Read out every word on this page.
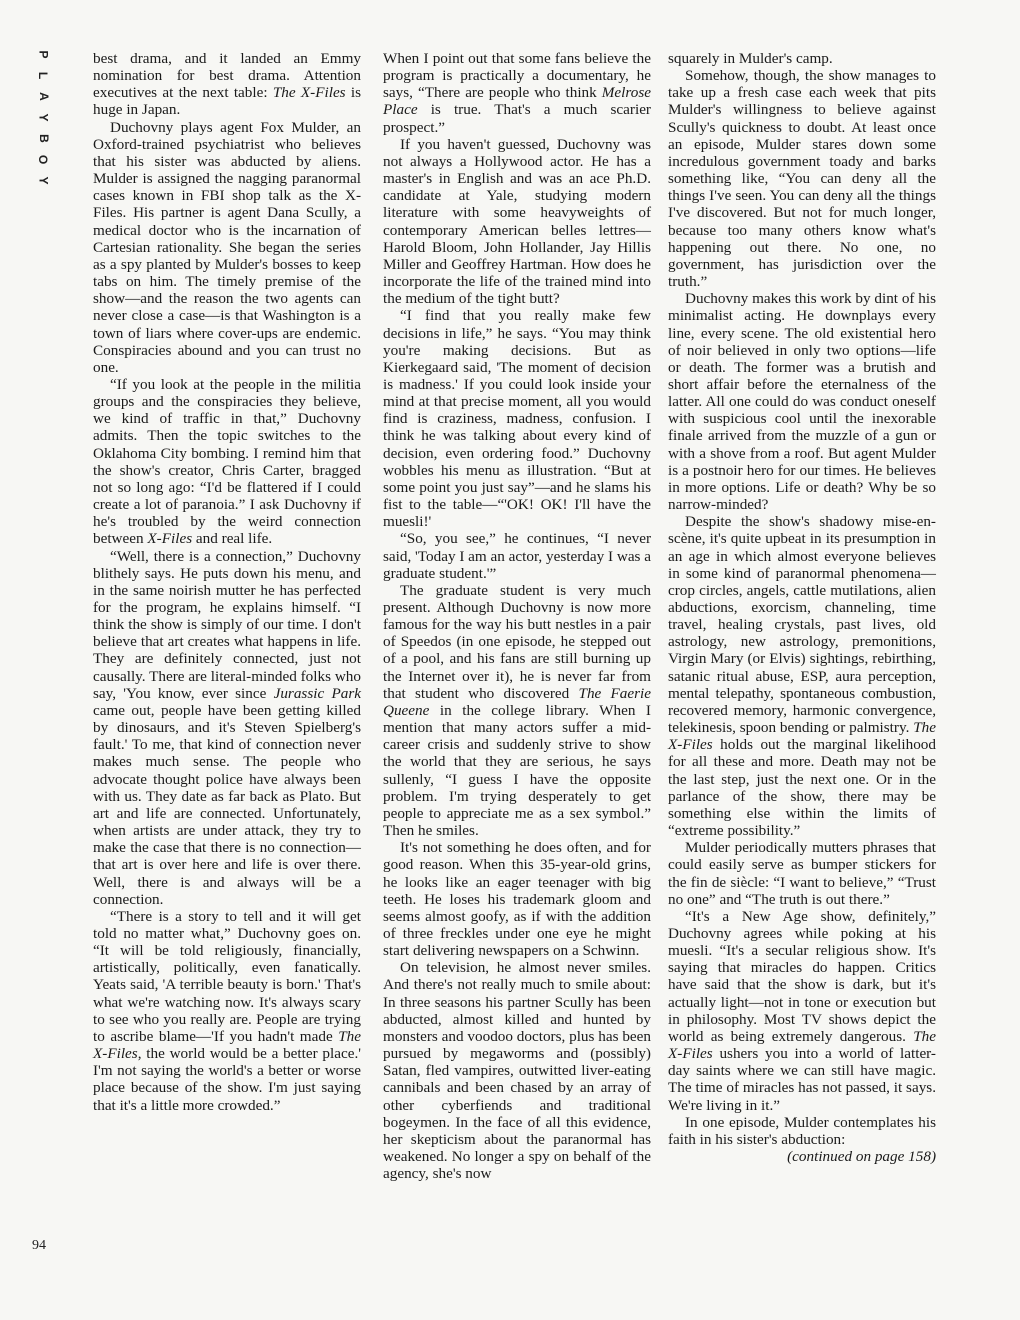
P
L
A
Y
B
O
Y

best drama, and it landed an Emmy nomination for best drama. Attention executives at the next table: The X-Files is huge in Japan.

Duchovny plays agent Fox Mulder, an Oxford-trained psychiatrist who believes that his sister was abducted by aliens. Mulder is assigned the nagging paranormal cases known in FBI shop talk as the X-Files. His partner is agent Dana Scully, a medical doctor who is the incarnation of Cartesian rationality. She began the series as a spy planted by Mulder's bosses to keep tabs on him. The timely premise of the show—and the reason the two agents can never close a case—is that Washington is a town of liars where cover-ups are endemic. Conspiracies abound and you can trust no one.

“If you look at the people in the militia groups and the conspiracies they believe, we kind of traffic in that,” Duchovny admits. Then the topic switches to the Oklahoma City bombing. I remind him that the show's creator, Chris Carter, bragged not so long ago: “I'd be flattered if I could create a lot of paranoia.” I ask Duchovny if he's troubled by the weird connection between X-Files and real life.

“Well, there is a connection,” Duchovny blithely says. He puts down his menu, and in the same noirish mutter he has perfected for the program, he explains himself. “I think the show is simply of our time. I don't believe that art creates what happens in life. They are definitely connected, just not causally. There are literal-minded folks who say, 'You know, ever since Jurassic Park came out, people have been getting killed by dinosaurs, and it's Steven Spielberg's fault.' To me, that kind of connection never makes much sense. The people who advocate thought police have always been with us. They date as far back as Plato. But art and life are connected. Unfortunately, when artists are under attack, they try to make the case that there is no connection—that art is over here and life is over there. Well, there is and always will be a connection.

“There is a story to tell and it will get told no matter what,” Duchovny goes on. “It will be told religiously, financially, artistically, politically, even fanatically. Yeats said, 'A terrible beauty is born.' That's what we're watching now. It's always scary to see who you really are. People are trying to ascribe blame—'If you hadn't made The X-Files, the world would be a better place.' I'm not saying the world's a better or worse place because of the show. I'm just saying that it's a little more crowded.”

When I point out that some fans believe the program is practically a documentary, he says, “There are people who think Melrose Place is true. That's a much scarier prospect.”

If you haven't guessed, Duchovny was not always a Hollywood actor. He has a master's in English and was an ace Ph.D. candidate at Yale, studying modern literature with some heavyweights of contemporary American belles lettres—Harold Bloom, John Hollander, Jay Hillis Miller and Geoffrey Hartman. How does he incorporate the life of the trained mind into the medium of the tight butt?

“I find that you really make few decisions in life,” he says. “You may think you're making decisions. But as Kierkegaard said, 'The moment of decision is madness.' If you could look inside your mind at that precise moment, all you would find is craziness, madness, confusion. I think he was talking about every kind of decision, even ordering food.” Duchovny wobbles his menu as illustration. “But at some point you just say”—and he slams his fist to the table—“'OK! OK! I'll have the muesli!'

“So, you see,” he continues, “I never said, 'Today I am an actor, yesterday I was a graduate student.'”

The graduate student is very much present. Although Duchovny is now more famous for the way his butt nestles in a pair of Speedos (in one episode, he stepped out of a pool, and his fans are still burning up the Internet over it), he is never far from that student who discovered The Faerie Queene in the college library. When I mention that many actors suffer a mid-career crisis and suddenly strive to show the world that they are serious, he says sullenly, “I guess I have the opposite problem. I'm trying desperately to get people to appreciate me as a sex symbol.” Then he smiles.

It's not something he does often, and for good reason. When this 35-year-old grins, he looks like an eager teenager with big teeth. He loses his trademark gloom and seems almost goofy, as if with the addition of three freckles under one eye he might start delivering newspapers on a Schwinn.

On television, he almost never smiles. And there's not really much to smile about: In three seasons his partner Scully has been abducted, almost killed and hunted by monsters and voodoo doctors, plus has been pursued by megaworms and (possibly) Satan, fled vampires, outwitted liver-eating cannibals and been chased by an array of other cyberfiends and traditional bogeymen. In the face of all this evidence, her skepticism about the paranormal has weakened. No longer a spy on behalf of the agency, she's now

squarely in Mulder's camp.

Somehow, though, the show manages to take up a fresh case each week that pits Mulder's willingness to believe against Scully's quickness to doubt. At least once an episode, Mulder stares down some incredulous government toady and barks something like, “You can deny all the things I've seen. You can deny all the things I've discovered. But not for much longer, because too many others know what's happening out there. No one, no government, has jurisdiction over the truth.”

Duchovny makes this work by dint of his minimalist acting. He downplays every line, every scene. The old existential hero of noir believed in only two options—life or death. The former was a brutish and short affair before the eternalness of the latter. All one could do was conduct oneself with suspicious cool until the inexorable finale arrived from the muzzle of a gun or with a shove from a roof. But agent Mulder is a postnoir hero for our times. He believes in more options. Life or death? Why be so narrow-minded?

Despite the show's shadowy mise-en-scène, it's quite upbeat in its presumption in an age in which almost everyone believes in some kind of paranormal phenomena—crop circles, angels, cattle mutilations, alien abductions, exorcism, channeling, time travel, healing crystals, past lives, old astrology, new astrology, premonitions, Virgin Mary (or Elvis) sightings, rebirthing, satanic ritual abuse, ESP, aura perception, mental telepathy, spontaneous combustion, recovered memory, harmonic convergence, telekinesis, spoon bending or palmistry. The X-Files holds out the marginal likelihood for all these and more. Death may not be the last step, just the next one. Or in the parlance of the show, there may be something else within the limits of “extreme possibility.”

Mulder periodically mutters phrases that could easily serve as bumper stickers for the fin de siècle: “I want to believe,” “Trust no one” and “The truth is out there.”

“It's a New Age show, definitely,” Duchovny agrees while poking at his muesli. “It's a secular religious show. It's saying that miracles do happen. Critics have said that the show is dark, but it's actually light—not in tone or execution but in philosophy. Most TV shows depict the world as being extremely dangerous. The X-Files ushers you into a world of latter-day saints where we can still have magic. The time of miracles has not passed, it says. We're living in it.”

In one episode, Mulder contemplates his faith in his sister's abduction:

(continued on page 158)

94
